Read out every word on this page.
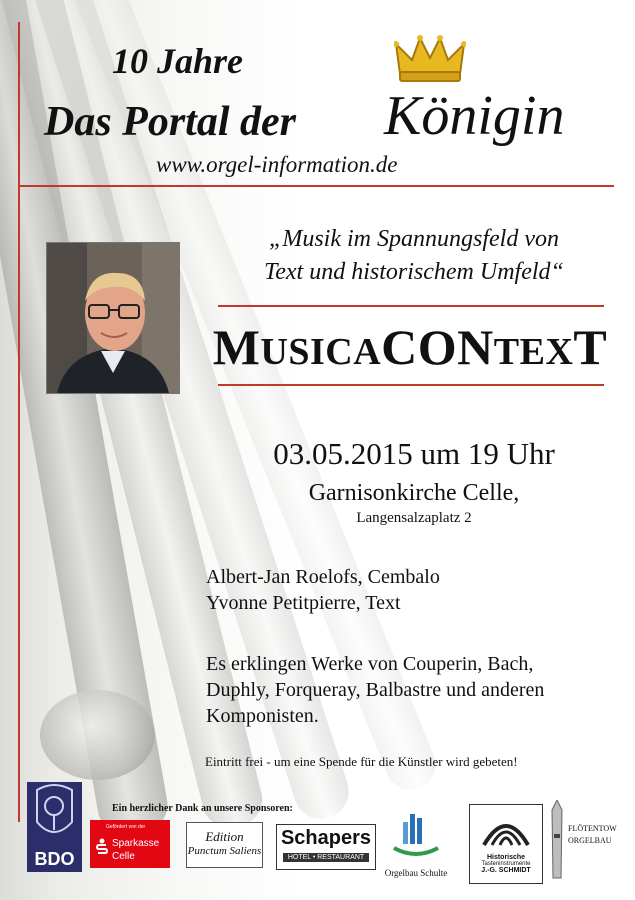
10 Jahre
Das Portal der Königin
www.orgel-information.de
„Musik im Spannungsfeld von
Text und historischem Umfeld“
MUSICACONTEXT
03.05.2015 um 19 Uhr
Garnisonkirche Celle,
Langensalzaplatz 2
Albert-Jan Roelofs, Cembalo
Yvonne Petitpierre, Text
Es erklingen Werke von Couperin, Bach,
Duphly, Forqueray, Balbastre und anderen
Komponisten.
Eintritt frei - um eine Spende für die Künstler wird gebeten!
Ein herzlicher Dank an unsere Sponsoren:
BDO
Gefördert von der
Sparkasse
Celle
Edition
Punctum Saliens
Schapers
HOTEL • RESTAURANT
Orgelbau Schulte
Historische
Tasteninstrumente
J.-G. SCHMIDT
FLÖTENTOW
ORGELBAU
